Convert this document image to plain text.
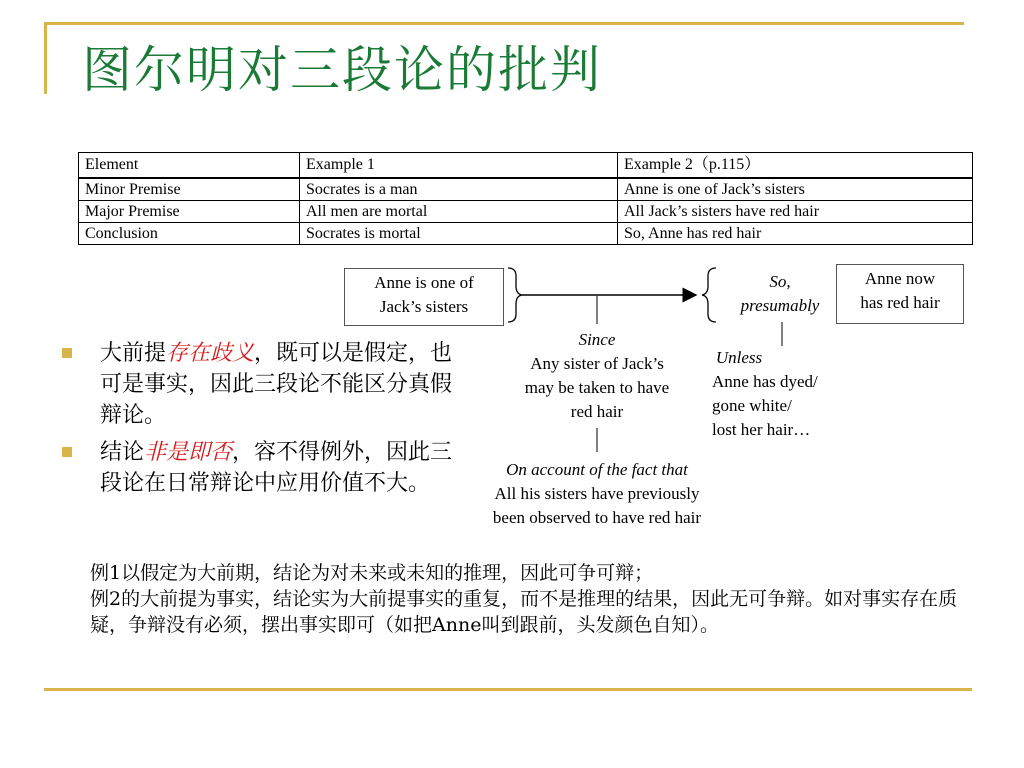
图尔明对三段论的批判
Element	Example 1	Example 2（p.115）
Minor Premise	Socrates is a man	Anne is one of Jack’s sisters
Major Premise	All men are mortal	All Jack’s sisters have red hair
Conclusion	Socrates is mortal	So, Anne has red hair
Anne is one of
Jack’s sisters
So,
presumably
Anne now
has red hair
Since
Any sister of Jack’s
may be taken to have
red hair
Unless
Anne has dyed/
gone white/
lost her hair…
On account of the fact that
All his sisters have previously
been observed to have red hair
大前提存在歧义，既可以是假定，也可是事实，因此三段论不能区分真假辩论。
结论非是即否，容不得例外，因此三段论在日常辩论中应用价值不大。

例1以假定为大前期，结论为对未来或未知的推理，因此可争可辩；

例2的大前提为事实，结论实为大前提事实的重复，而不是推理的结果，因此无可争辩。如对事实存在质疑，争辩没有必须，摆出事实即可（如把Anne叫到跟前，头发颜色自知）。
